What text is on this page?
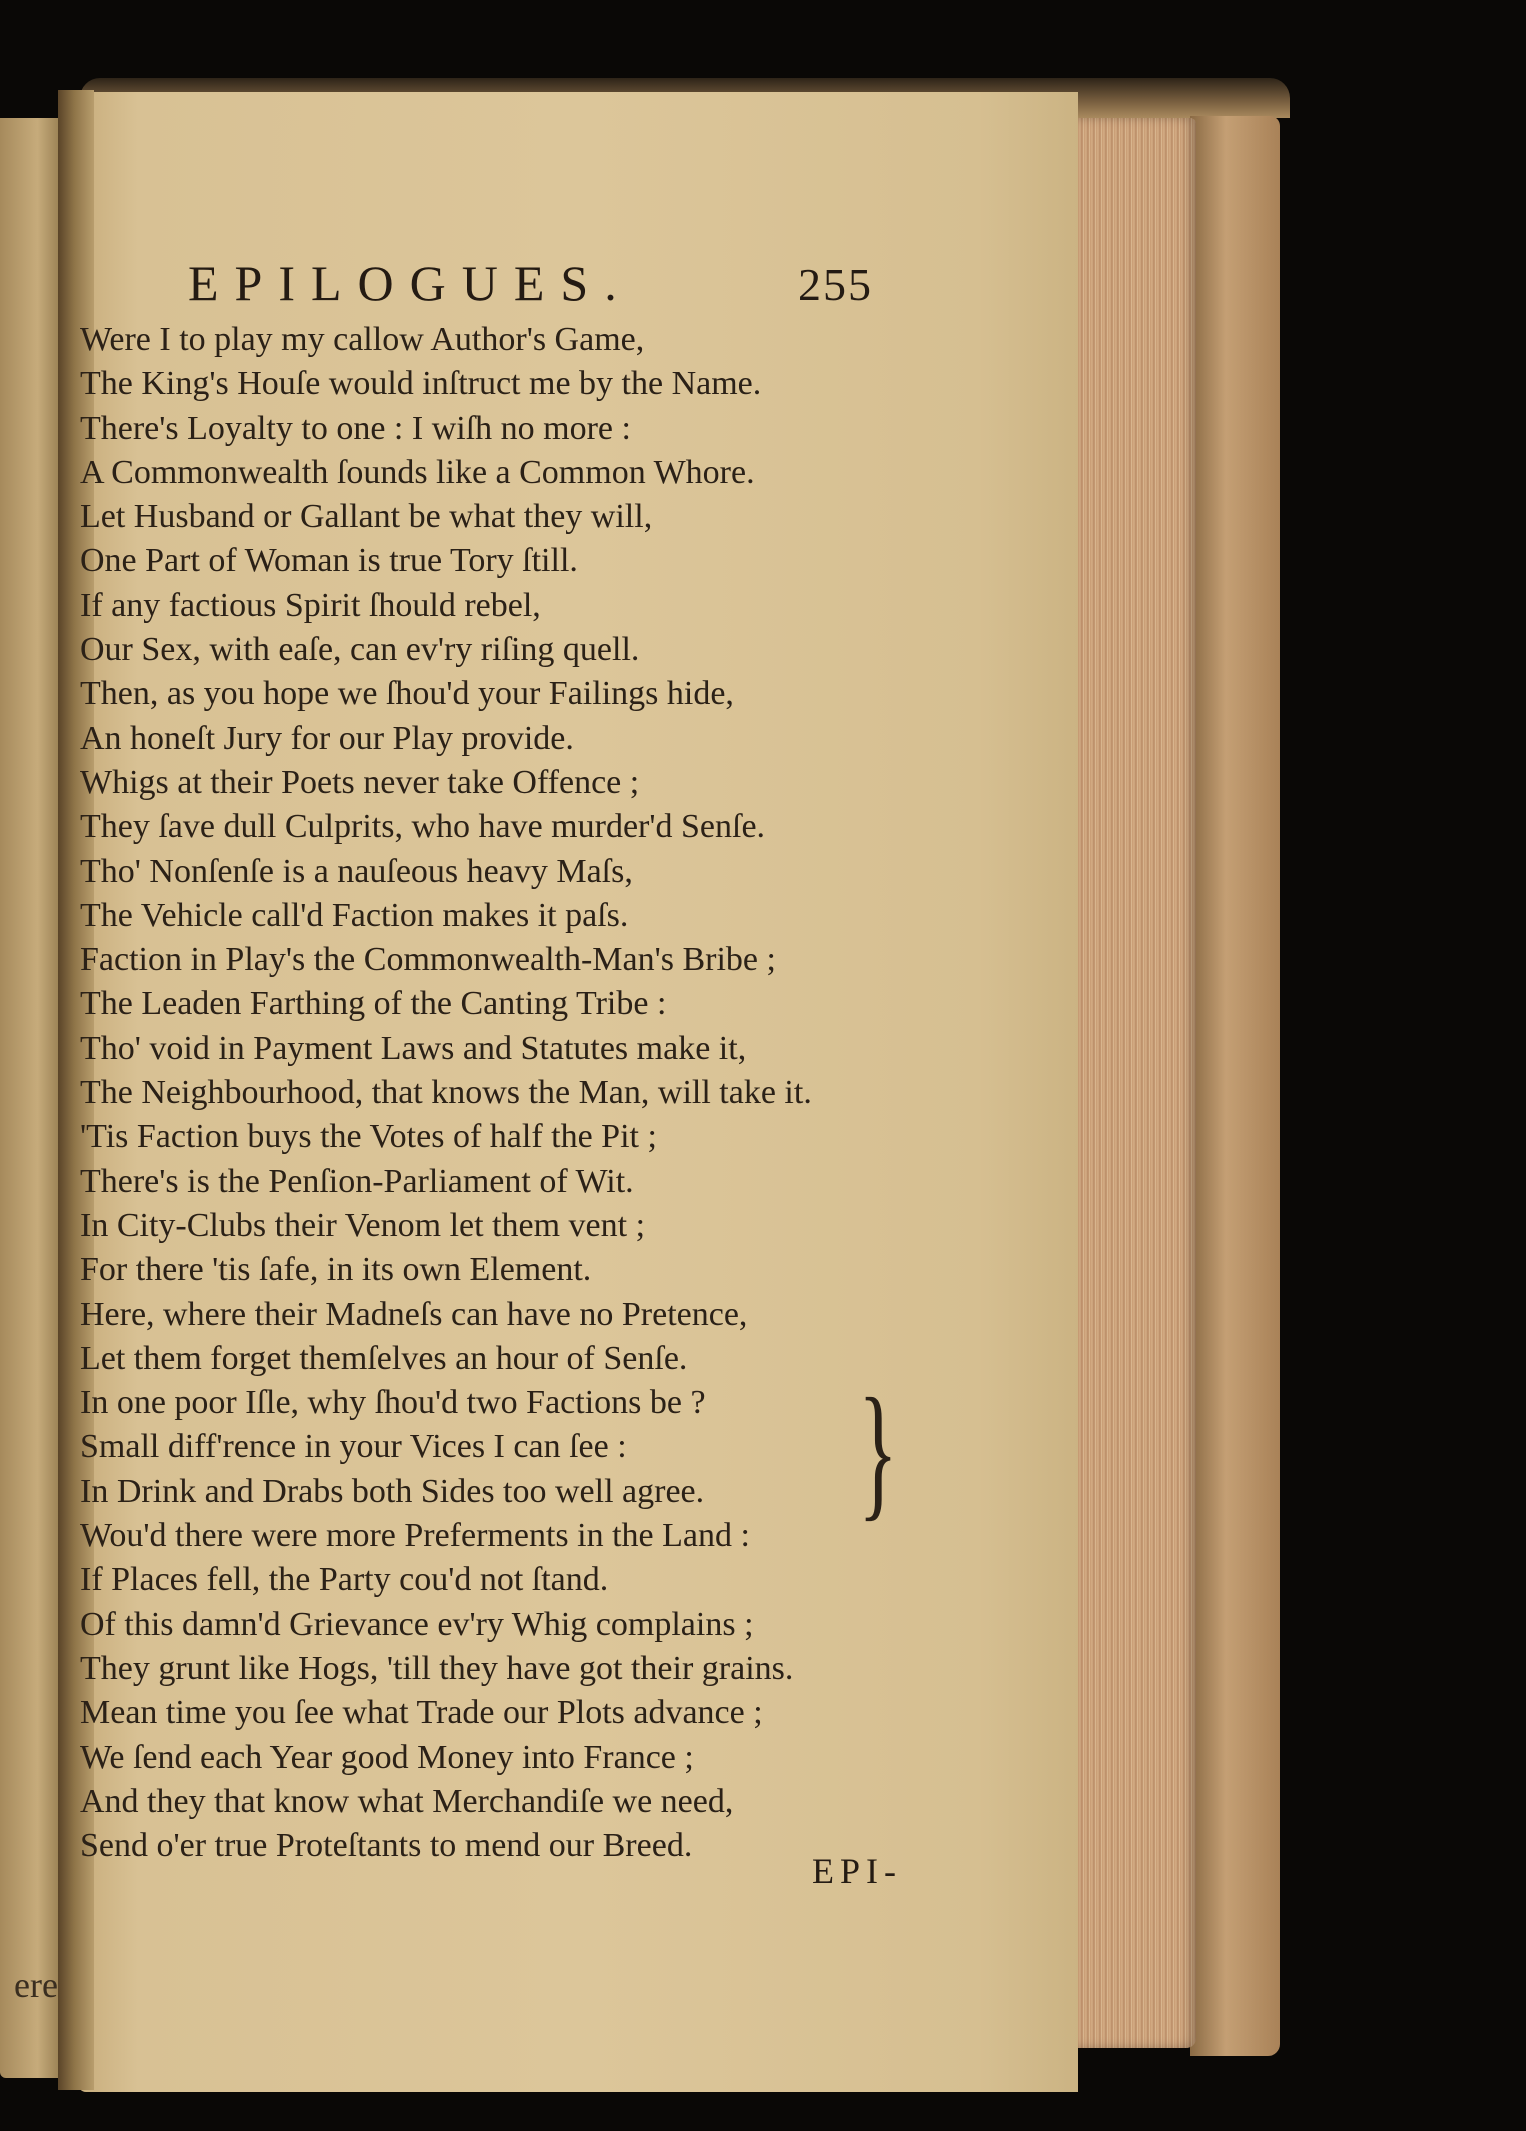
ere
EPILOGUES.	255
Were I to play my callow Author's Game,
The King's Houſe would inſtruct me by the Name.
There's Loyalty to one : I wiſh no more :
A Commonwealth ſounds like a Common Whore.
Let Husband or Gallant be what they will,
One Part of Woman is true Tory ſtill.
If any factious Spirit ſhould rebel,
Our Sex, with eaſe, can ev'ry riſing quell.
Then, as you hope we ſhou'd your Failings hide,
An honeſt Jury for our Play provide.
Whigs at their Poets never take Offence ;
They ſave dull Culprits, who have murder'd Senſe.
Tho' Nonſenſe is a nauſeous heavy Maſs,
The Vehicle call'd Faction makes it paſs.
Faction in Play's the Commonwealth-Man's Bribe ;
The Leaden Farthing of the Canting Tribe :
Tho' void in Payment Laws and Statutes make it,
The Neighbourhood, that knows the Man, will take it.
'Tis Faction buys the Votes of half the Pit ;
There's is the Penſion-Parliament of Wit.
In City-Clubs their Venom let them vent ;
For there 'tis ſafe, in its own Element.
Here, where their Madneſs can have no Pretence,
Let them forget themſelves an hour of Senſe.
In one poor Iſle, why ſhou'd two Factions be ?
Small diff'rence in your Vices I can ſee :
In Drink and Drabs both Sides too well agree.
Wou'd there were more Preferments in the Land :
If Places fell, the Party cou'd not ſtand.
Of this damn'd Grievance ev'ry Whig complains ;
They grunt like Hogs, 'till they have got their grains.
Mean time you ſee what Trade our Plots advance ;
We ſend each Year good Money into France ;
And they that know what Merchandiſe we need,
Send o'er true Proteſtants to mend our Breed.
}
EPI-
